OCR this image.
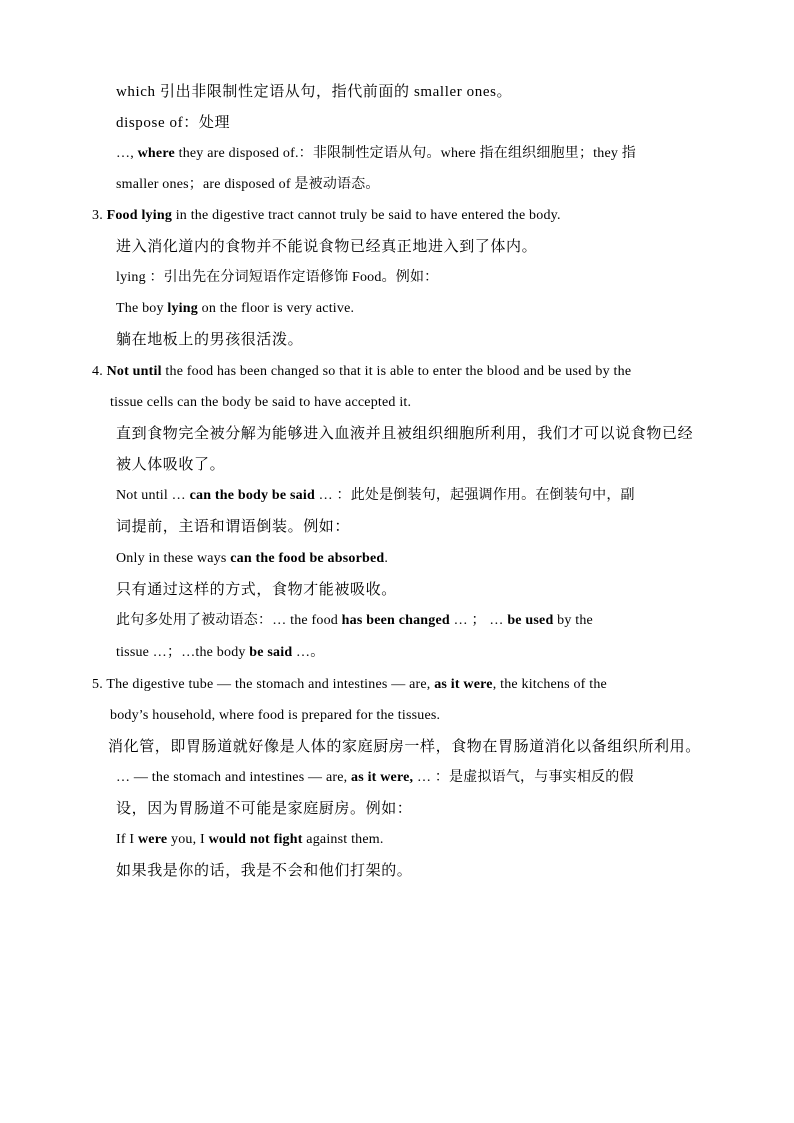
which 引出非限制性定语从句，指代前面的 smaller ones。
dispose of：处理
…, where they are disposed of.：非限制性定语从句。where 指在组织细胞里；they 指
smaller ones；are disposed of 是被动语态。
3. Food lying in the digestive tract cannot truly be said to have entered the body.
进入消化道内的食物并不能说食物已经真正地进入到了体内。
lying ：引出先在分词短语作定语修饰 Food。例如：
The boy lying on the floor is very active.
躺在地板上的男孩很活泼。
4. Not until the food has been changed so that it is able to enter the blood and be used by the
tissue cells can the body be said to have accepted it.
直到食物完全被分解为能够进入血液并且被组织细胞所利用，我们才可以说食物已经
被人体吸收了。
Not until … can the body be said … ：此处是倒装句，起强调作用。在倒装句中，副
词提前，主语和谓语倒装。例如：
Only in these ways can the food be absorbed.
只有通过这样的方式，食物才能被吸收。
此句多处用了被动语态：… the food has been changed … ； … be used by the
tissue …；…the body be said …。
5. The digestive tube — the stomach and intestines — are, as it were, the kitchens of the
body’s household, where food is prepared for the tissues.
消化管，即胃肠道就好像是人体的家庭厨房一样，食物在胃肠道消化以备组织所利用。
… — the stomach and intestines — are, as it were, … ：是虚拟语气，与事实相反的假
设，因为胃肠道不可能是家庭厨房。例如：
If I were you, I would not fight against them.
如果我是你的话，我是不会和他们打架的。
